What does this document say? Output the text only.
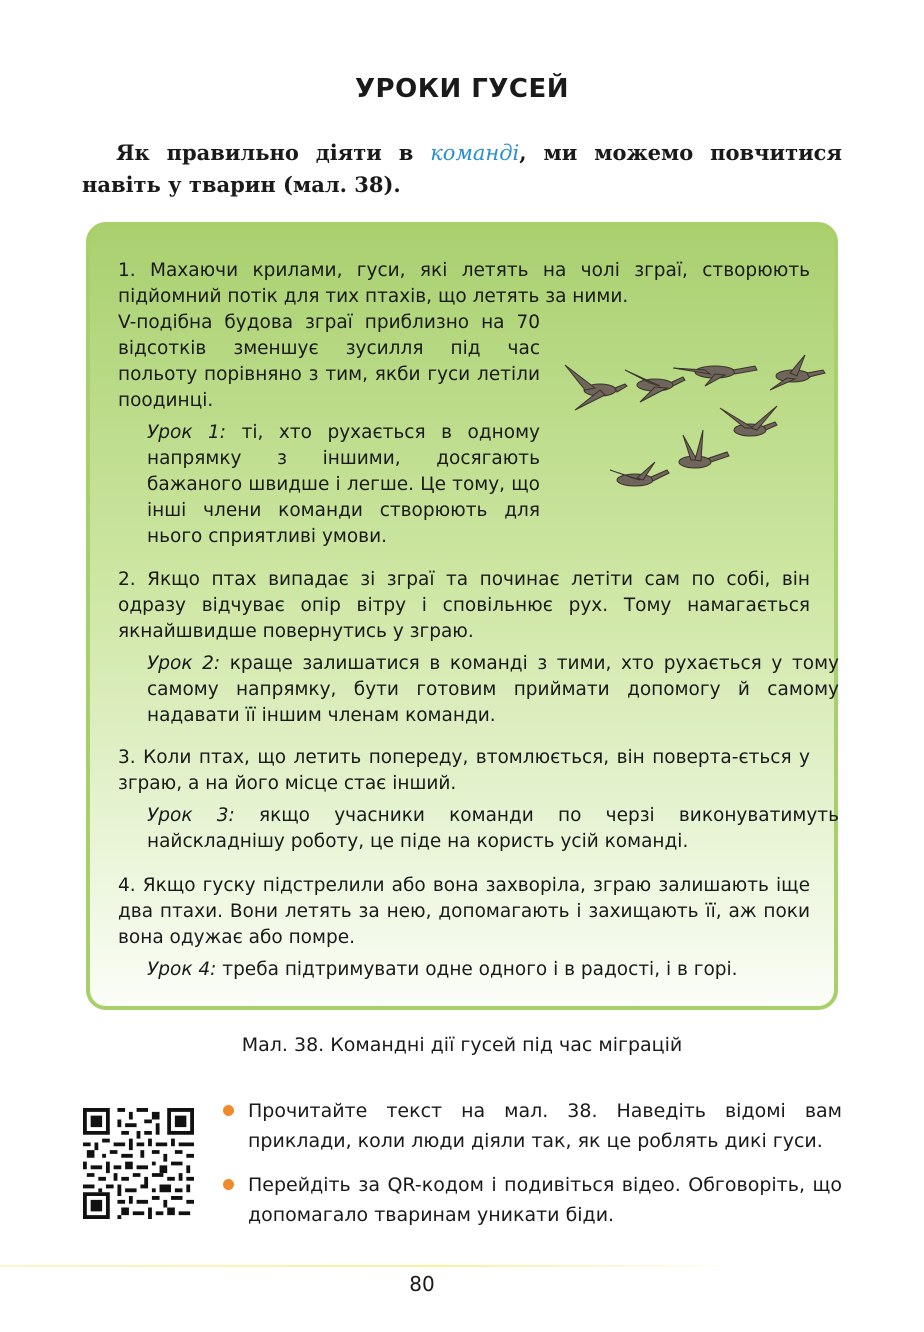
УРОКИ ГУСЕЙ
Як правильно діяти в команді, ми можемо повчитися навіть у тварин (мал. 38).
1. Махаючи крилами, гуси, які летять на чолі зграї, створюють підйомний потік для тих птахів, що летять за ними.
V-подібна будова зграї приблизно на 70 відсотків зменшує зусилля під час польоту порівняно з тим, якби гуси летіли поодинці.
Урок 1: ті, хто рухається в одному напрямку з іншими, досягають бажаного швидше і легше. Це тому, що інші члени команди створюють для нього сприятливі умови.
2. Якщо птах випадає зі зграї та починає летіти сам по собі, він одразу відчуває опір вітру і сповільнює рух. Тому намагається якнайшвидше повернутись у зграю.
Урок 2: краще залишатися в команді з тими, хто рухається у тому самому напрямку, бути готовим приймати допомогу й самому надавати її іншим членам команди.
3. Коли птах, що летить попереду, втомлюється, він поверта-ється у зграю, а на його місце стає інший.
Урок 3: якщо учасники команди по черзі виконуватимуть найскладнішу роботу, це піде на користь усій команді.
4. Якщо гуску підстрелили або вона захворіла, зграю залишають іще два птахи. Вони летять за нею, допомагають і захищають її, аж поки вона одужає або помре.
Урок 4: треба підтримувати одне одного і в радості, і в горі.
Мал. 38. Командні дії гусей під час міграцій
Прочитайте текст на мал. 38. Наведіть відомі вам приклади, коли люди діяли так, як це роблять дикі гуси.
Перейдіть за QR-кодом і подивіться відео. Обговоріть, що допомагало тваринам уникати біди.
80
